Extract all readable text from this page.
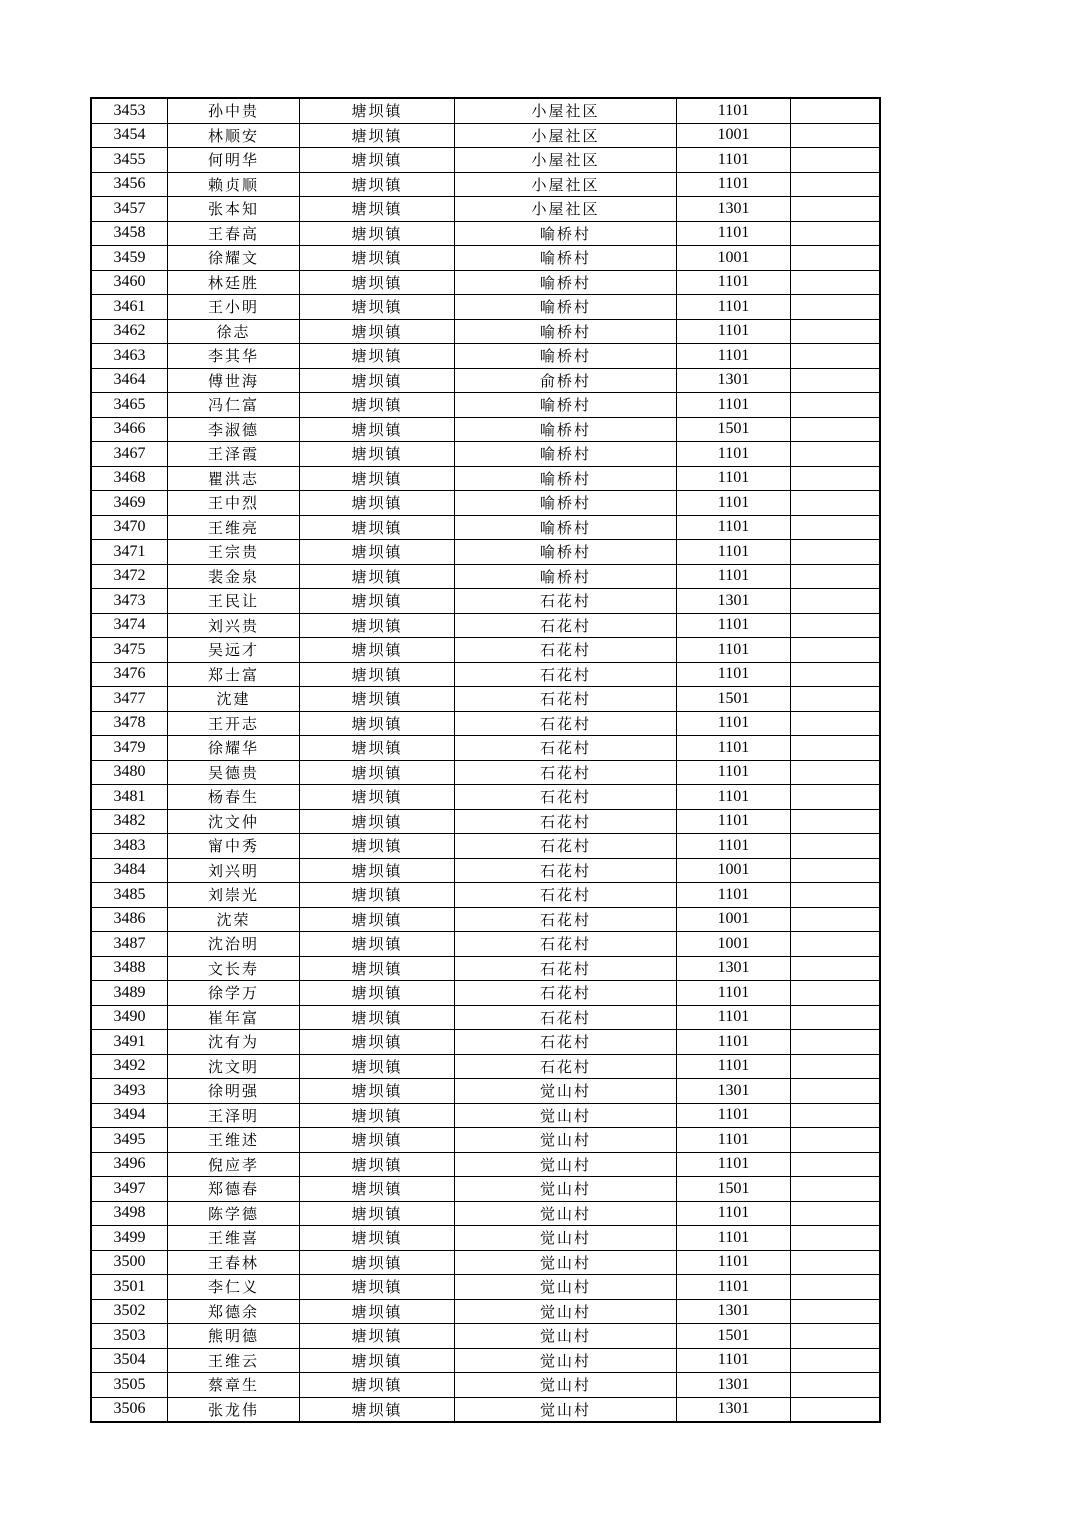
3453	孙中贵	塘坝镇	小屋社区	1101	
3454	林顺安	塘坝镇	小屋社区	1001	
3455	何明华	塘坝镇	小屋社区	1101	
3456	赖贞顺	塘坝镇	小屋社区	1101	
3457	张本知	塘坝镇	小屋社区	1301	
3458	王春高	塘坝镇	喻桥村	1101	
3459	徐耀文	塘坝镇	喻桥村	1001	
3460	林廷胜	塘坝镇	喻桥村	1101	
3461	王小明	塘坝镇	喻桥村	1101	
3462	徐志	塘坝镇	喻桥村	1101	
3463	李其华	塘坝镇	喻桥村	1101	
3464	傅世海	塘坝镇	俞桥村	1301	
3465	冯仁富	塘坝镇	喻桥村	1101	
3466	李淑德	塘坝镇	喻桥村	1501	
3467	王泽霞	塘坝镇	喻桥村	1101	
3468	瞿洪志	塘坝镇	喻桥村	1101	
3469	王中烈	塘坝镇	喻桥村	1101	
3470	王维亮	塘坝镇	喻桥村	1101	
3471	王宗贵	塘坝镇	喻桥村	1101	
3472	裴金泉	塘坝镇	喻桥村	1101	
3473	王民让	塘坝镇	石花村	1301	
3474	刘兴贵	塘坝镇	石花村	1101	
3475	吴远才	塘坝镇	石花村	1101	
3476	郑士富	塘坝镇	石花村	1101	
3477	沈建	塘坝镇	石花村	1501	
3478	王开志	塘坝镇	石花村	1101	
3479	徐耀华	塘坝镇	石花村	1101	
3480	吴德贵	塘坝镇	石花村	1101	
3481	杨春生	塘坝镇	石花村	1101	
3482	沈文仲	塘坝镇	石花村	1101	
3483	甯中秀	塘坝镇	石花村	1101	
3484	刘兴明	塘坝镇	石花村	1001	
3485	刘崇光	塘坝镇	石花村	1101	
3486	沈荣	塘坝镇	石花村	1001	
3487	沈治明	塘坝镇	石花村	1001	
3488	文长寿	塘坝镇	石花村	1301	
3489	徐学万	塘坝镇	石花村	1101	
3490	崔年富	塘坝镇	石花村	1101	
3491	沈有为	塘坝镇	石花村	1101	
3492	沈文明	塘坝镇	石花村	1101	
3493	徐明强	塘坝镇	觉山村	1301	
3494	王泽明	塘坝镇	觉山村	1101	
3495	王维述	塘坝镇	觉山村	1101	
3496	倪应孝	塘坝镇	觉山村	1101	
3497	郑德春	塘坝镇	觉山村	1501	
3498	陈学德	塘坝镇	觉山村	1101	
3499	王维喜	塘坝镇	觉山村	1101	
3500	王春林	塘坝镇	觉山村	1101	
3501	李仁义	塘坝镇	觉山村	1101	
3502	郑德余	塘坝镇	觉山村	1301	
3503	熊明德	塘坝镇	觉山村	1501	
3504	王维云	塘坝镇	觉山村	1101	
3505	蔡章生	塘坝镇	觉山村	1301	
3506	张龙伟	塘坝镇	觉山村	1301	
